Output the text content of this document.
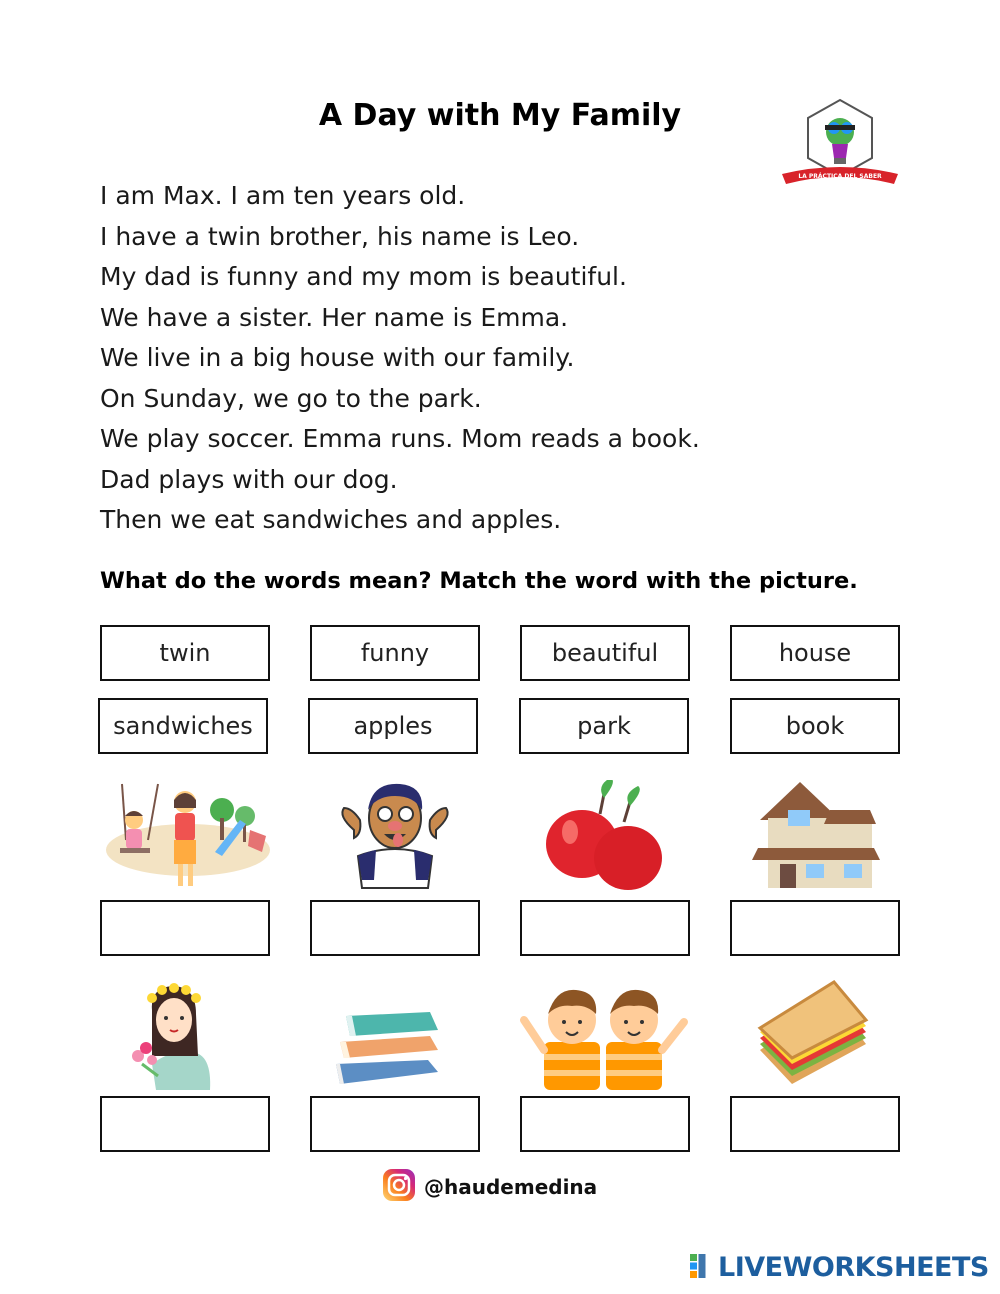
A Day with My Family
LA PRÁCTICA DEL SABER
I am Max. I am ten years old.
I have a twin brother, his name is Leo.
My dad is funny and my mom is beautiful.
We have a sister. Her name is Emma.
We live in a big house with our family.
On Sunday, we go to the park.
We play soccer. Emma runs. Mom reads a book.
Dad plays with our dog.
Then we eat sandwiches and apples.
What do the words mean? Match the word with the picture.
twin	funny	beautiful	house
sandwiches	apples	park	book
@haudemedina
LIVEWORKSHEETS
